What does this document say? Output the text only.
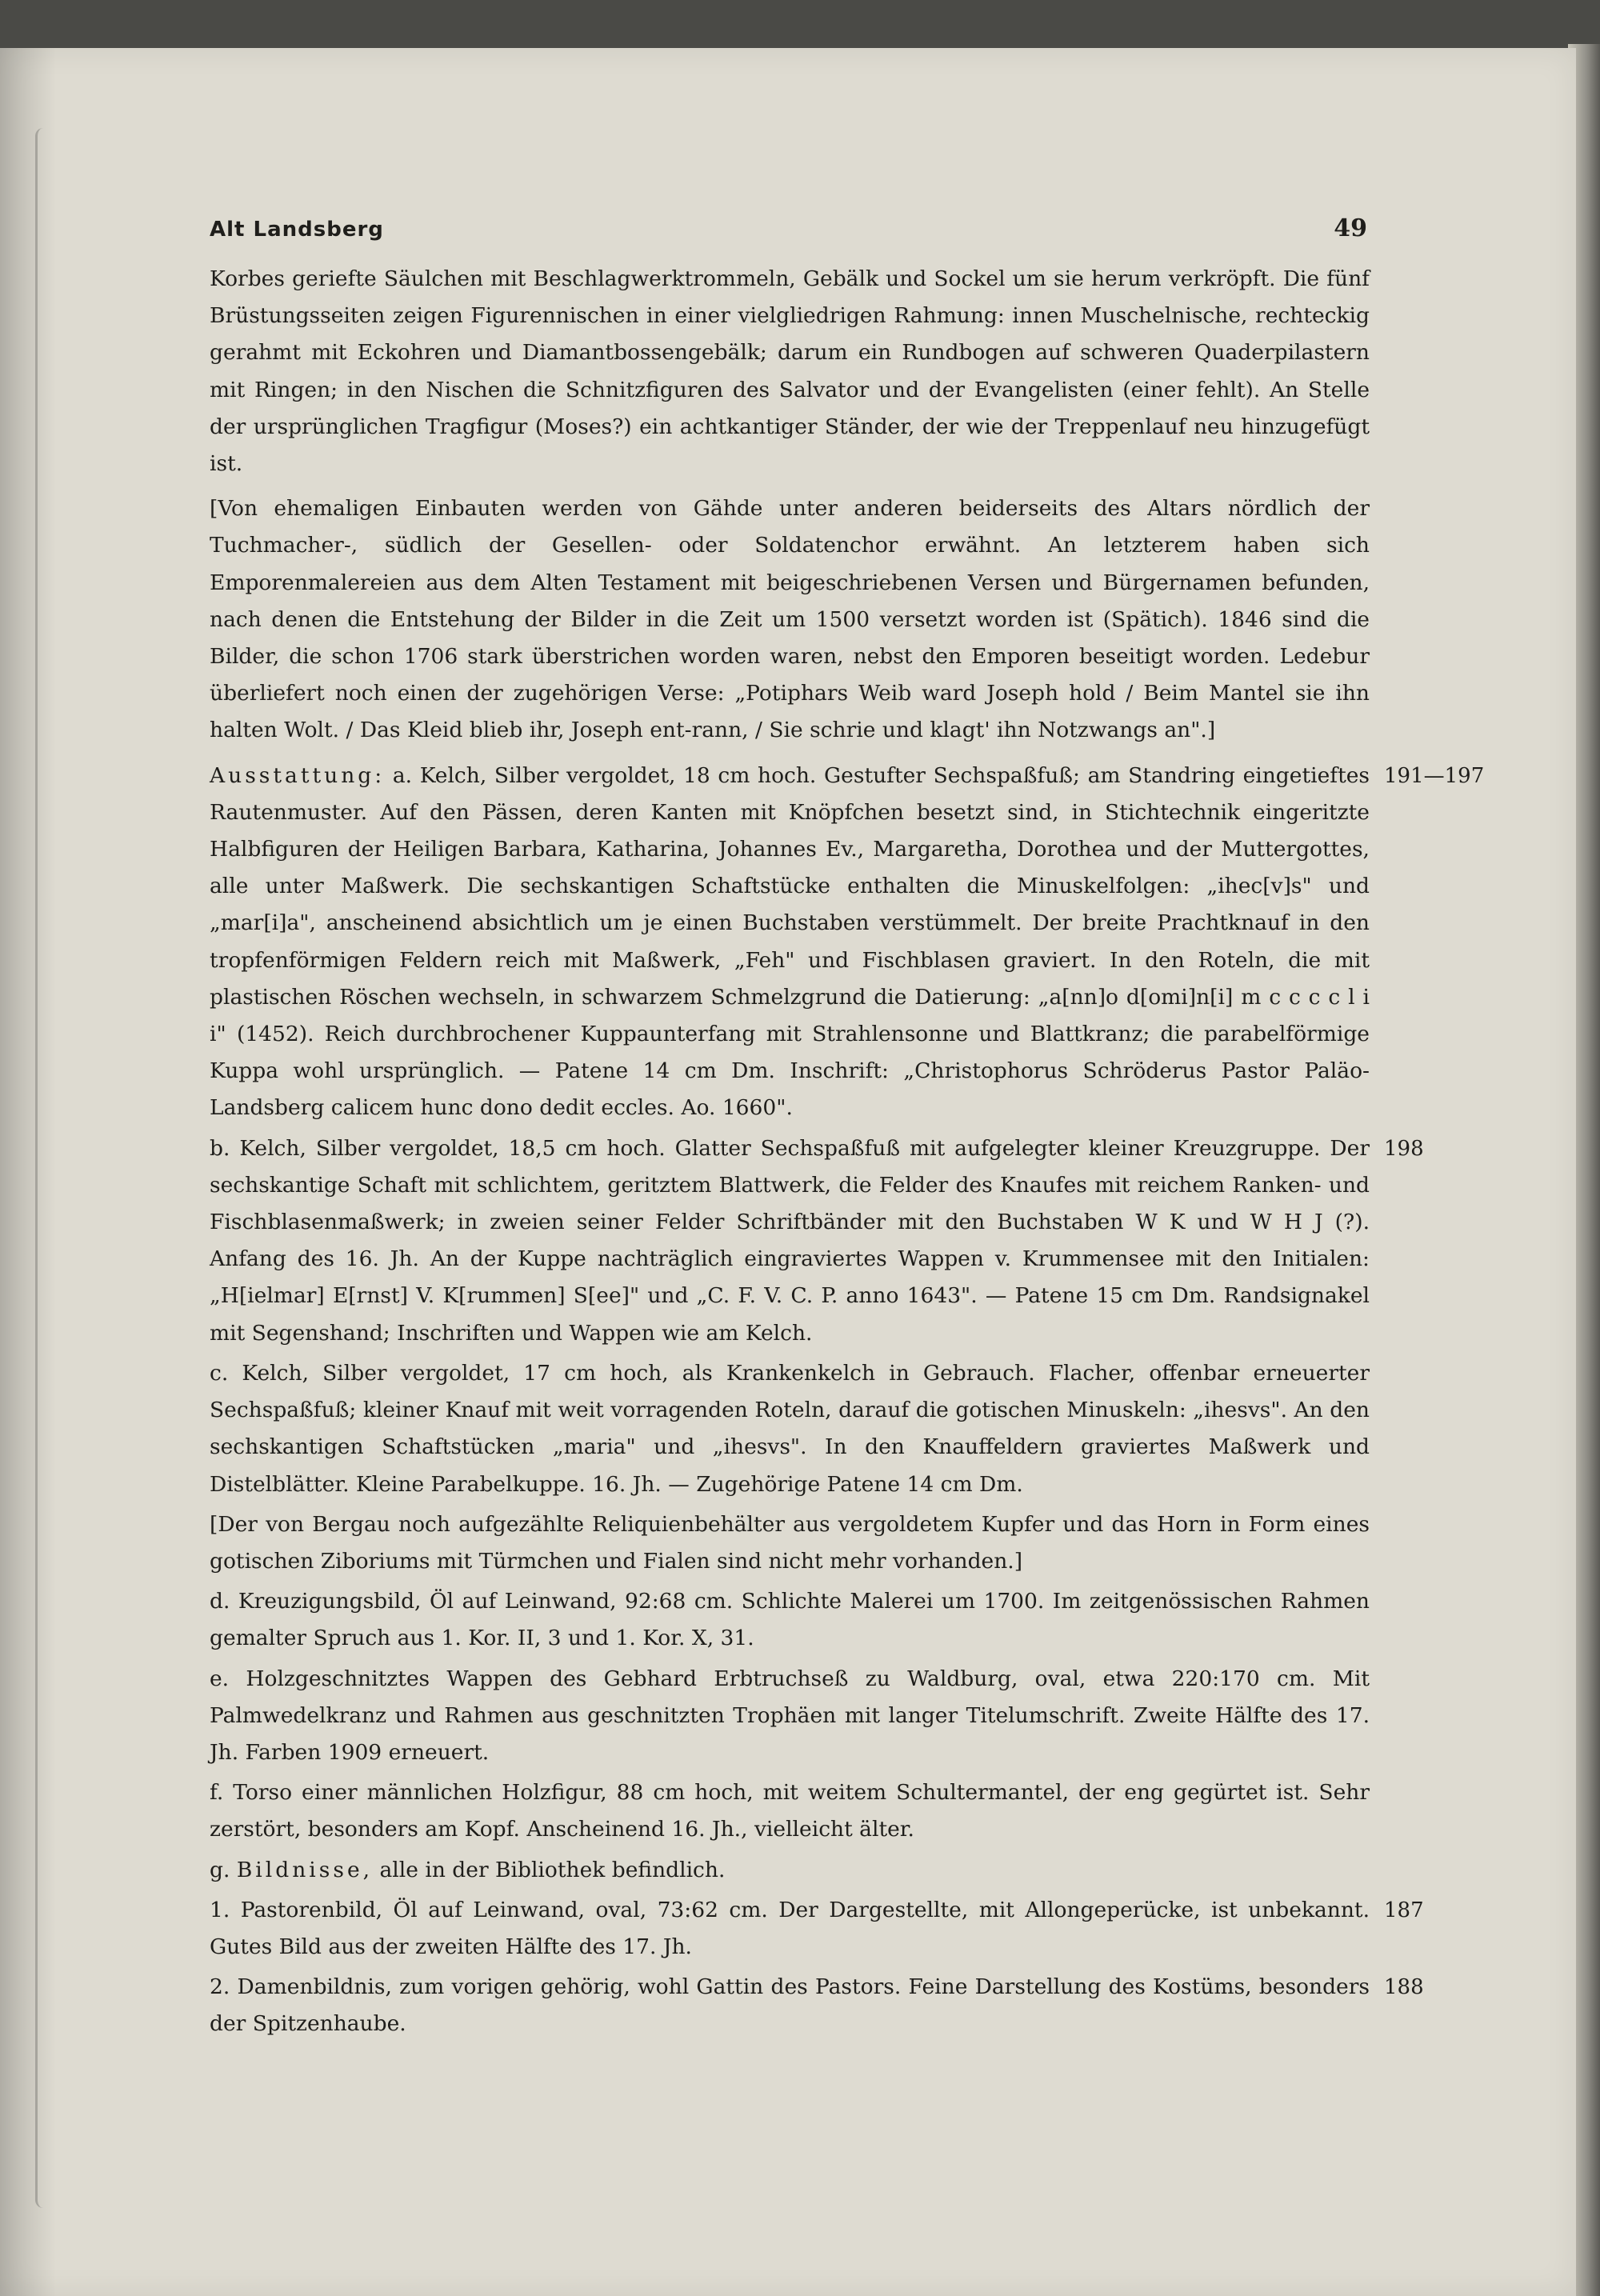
Alt Landsberg	49

Korbes geriefte Säulchen mit Beschlagwerktrommeln, Gebälk und Sockel um sie herum verkröpft. Die fünf Brüstungsseiten zeigen Figurennischen in einer vielgliedrigen Rahmung: innen Muschelnische, rechteckig gerahmt mit Eckohren und Diamantbossengebälk; darum ein Rundbogen auf schweren Quaderpilastern mit Ringen; in den Nischen die Schnitzfiguren des Salvator und der Evangelisten (einer fehlt). An Stelle der ursprünglichen Tragfigur (Moses?) ein achtkantiger Ständer, der wie der Treppenlauf neu hinzugefügt ist.

[Von ehemaligen Einbauten werden von Gähde unter anderen beiderseits des Altars nördlich der Tuchmacher-, südlich der Gesellen- oder Soldatenchor erwähnt. An letzterem haben sich Emporenmalereien aus dem Alten Testament mit beigeschriebenen Versen und Bürgernamen befunden, nach denen die Entstehung der Bilder in die Zeit um 1500 versetzt worden ist (Spätich). 1846 sind die Bilder, die schon 1706 stark überstrichen worden waren, nebst den Emporen beseitigt worden. Ledebur überliefert noch einen der zugehörigen Verse: „Potiphars Weib ward Joseph hold / Beim Mantel sie ihn halten Wolt. / Das Kleid blieb ihr, Joseph ent-rann, / Sie schrie und klagt' ihn Notzwangs an".]

Ausstattung: a. Kelch, Silber vergoldet, 18 cm hoch. Gestufter Sechspaßfuß; am Standring eingetieftes Rautenmuster. Auf den Pässen, deren Kanten mit Knöpfchen besetzt sind, in Stichtechnik eingeritzte Halbfiguren der Heiligen Barbara, Katharina, Johannes Ev., Margaretha, Dorothea und der Muttergottes, alle unter Maßwerk. Die sechskantigen Schaftstücke enthalten die Minuskelfolgen: „ihec[v]s" und „mar[i]a", anscheinend absichtlich um je einen Buchstaben verstümmelt. Der breite Prachtknauf in den tropfenförmigen Feldern reich mit Maßwerk, „Feh" und Fischblasen graviert. In den Roteln, die mit plastischen Röschen wechseln, in schwarzem Schmelzgrund die Datierung: „a[nn]o d[omi]n[i] m c c c c l i i" (1452). Reich durchbrochener Kuppaunterfang mit Strahlensonne und Blattkranz; die parabelförmige Kuppa wohl ursprünglich. — Patene 14 cm Dm. Inschrift: „Christophorus Schröderus Pastor Paläo-Landsberg calicem hunc dono dedit eccles. Ao. 1660".
191—197

b. Kelch, Silber vergoldet, 18,5 cm hoch. Glatter Sechspaßfuß mit aufgelegter kleiner Kreuzgruppe. Der sechskantige Schaft mit schlichtem, geritztem Blattwerk, die Felder des Knaufes mit reichem Ranken- und Fischblasenmaßwerk; in zweien seiner Felder Schriftbänder mit den Buchstaben W K und W H J (?). Anfang des 16. Jh. An der Kuppe nachträglich eingraviertes Wappen v. Krummensee mit den Initialen: „H[ielmar] E[rnst] V. K[rummen] S[ee]" und „C. F. V. C. P. anno 1643". — Patene 15 cm Dm. Randsignakel mit Segenshand; Inschriften und Wappen wie am Kelch.
198

c. Kelch, Silber vergoldet, 17 cm hoch, als Krankenkelch in Gebrauch. Flacher, offenbar erneuerter Sechspaßfuß; kleiner Knauf mit weit vorragenden Roteln, darauf die gotischen Minuskeln: „ihesvs". An den sechskantigen Schaftstücken „maria" und „ihesvs". In den Knauffeldern graviertes Maßwerk und Distelblätter. Kleine Parabelkuppe. 16. Jh. — Zugehörige Patene 14 cm Dm.

[Der von Bergau noch aufgezählte Reliquienbehälter aus vergoldetem Kupfer und das Horn in Form eines gotischen Ziboriums mit Türmchen und Fialen sind nicht mehr vorhanden.]

d. Kreuzigungsbild, Öl auf Leinwand, 92:68 cm. Schlichte Malerei um 1700. Im zeitgenössischen Rahmen gemalter Spruch aus 1. Kor. II, 3 und 1. Kor. X, 31.

e. Holzgeschnitztes Wappen des Gebhard Erbtruchseß zu Waldburg, oval, etwa 220:170 cm. Mit Palmwedelkranz und Rahmen aus geschnitzten Trophäen mit langer Titelumschrift. Zweite Hälfte des 17. Jh. Farben 1909 erneuert.

f. Torso einer männlichen Holzfigur, 88 cm hoch, mit weitem Schultermantel, der eng gegürtet ist. Sehr zerstört, besonders am Kopf. Anscheinend 16. Jh., vielleicht älter.

g. Bildnisse, alle in der Bibliothek befindlich.

1. Pastorenbild, Öl auf Leinwand, oval, 73:62 cm. Der Dargestellte, mit Allongeperücke, ist unbekannt. Gutes Bild aus der zweiten Hälfte des 17. Jh.
187

2. Damenbildnis, zum vorigen gehörig, wohl Gattin des Pastors. Feine Darstellung des Kostüms, besonders der Spitzenhaube.
188
